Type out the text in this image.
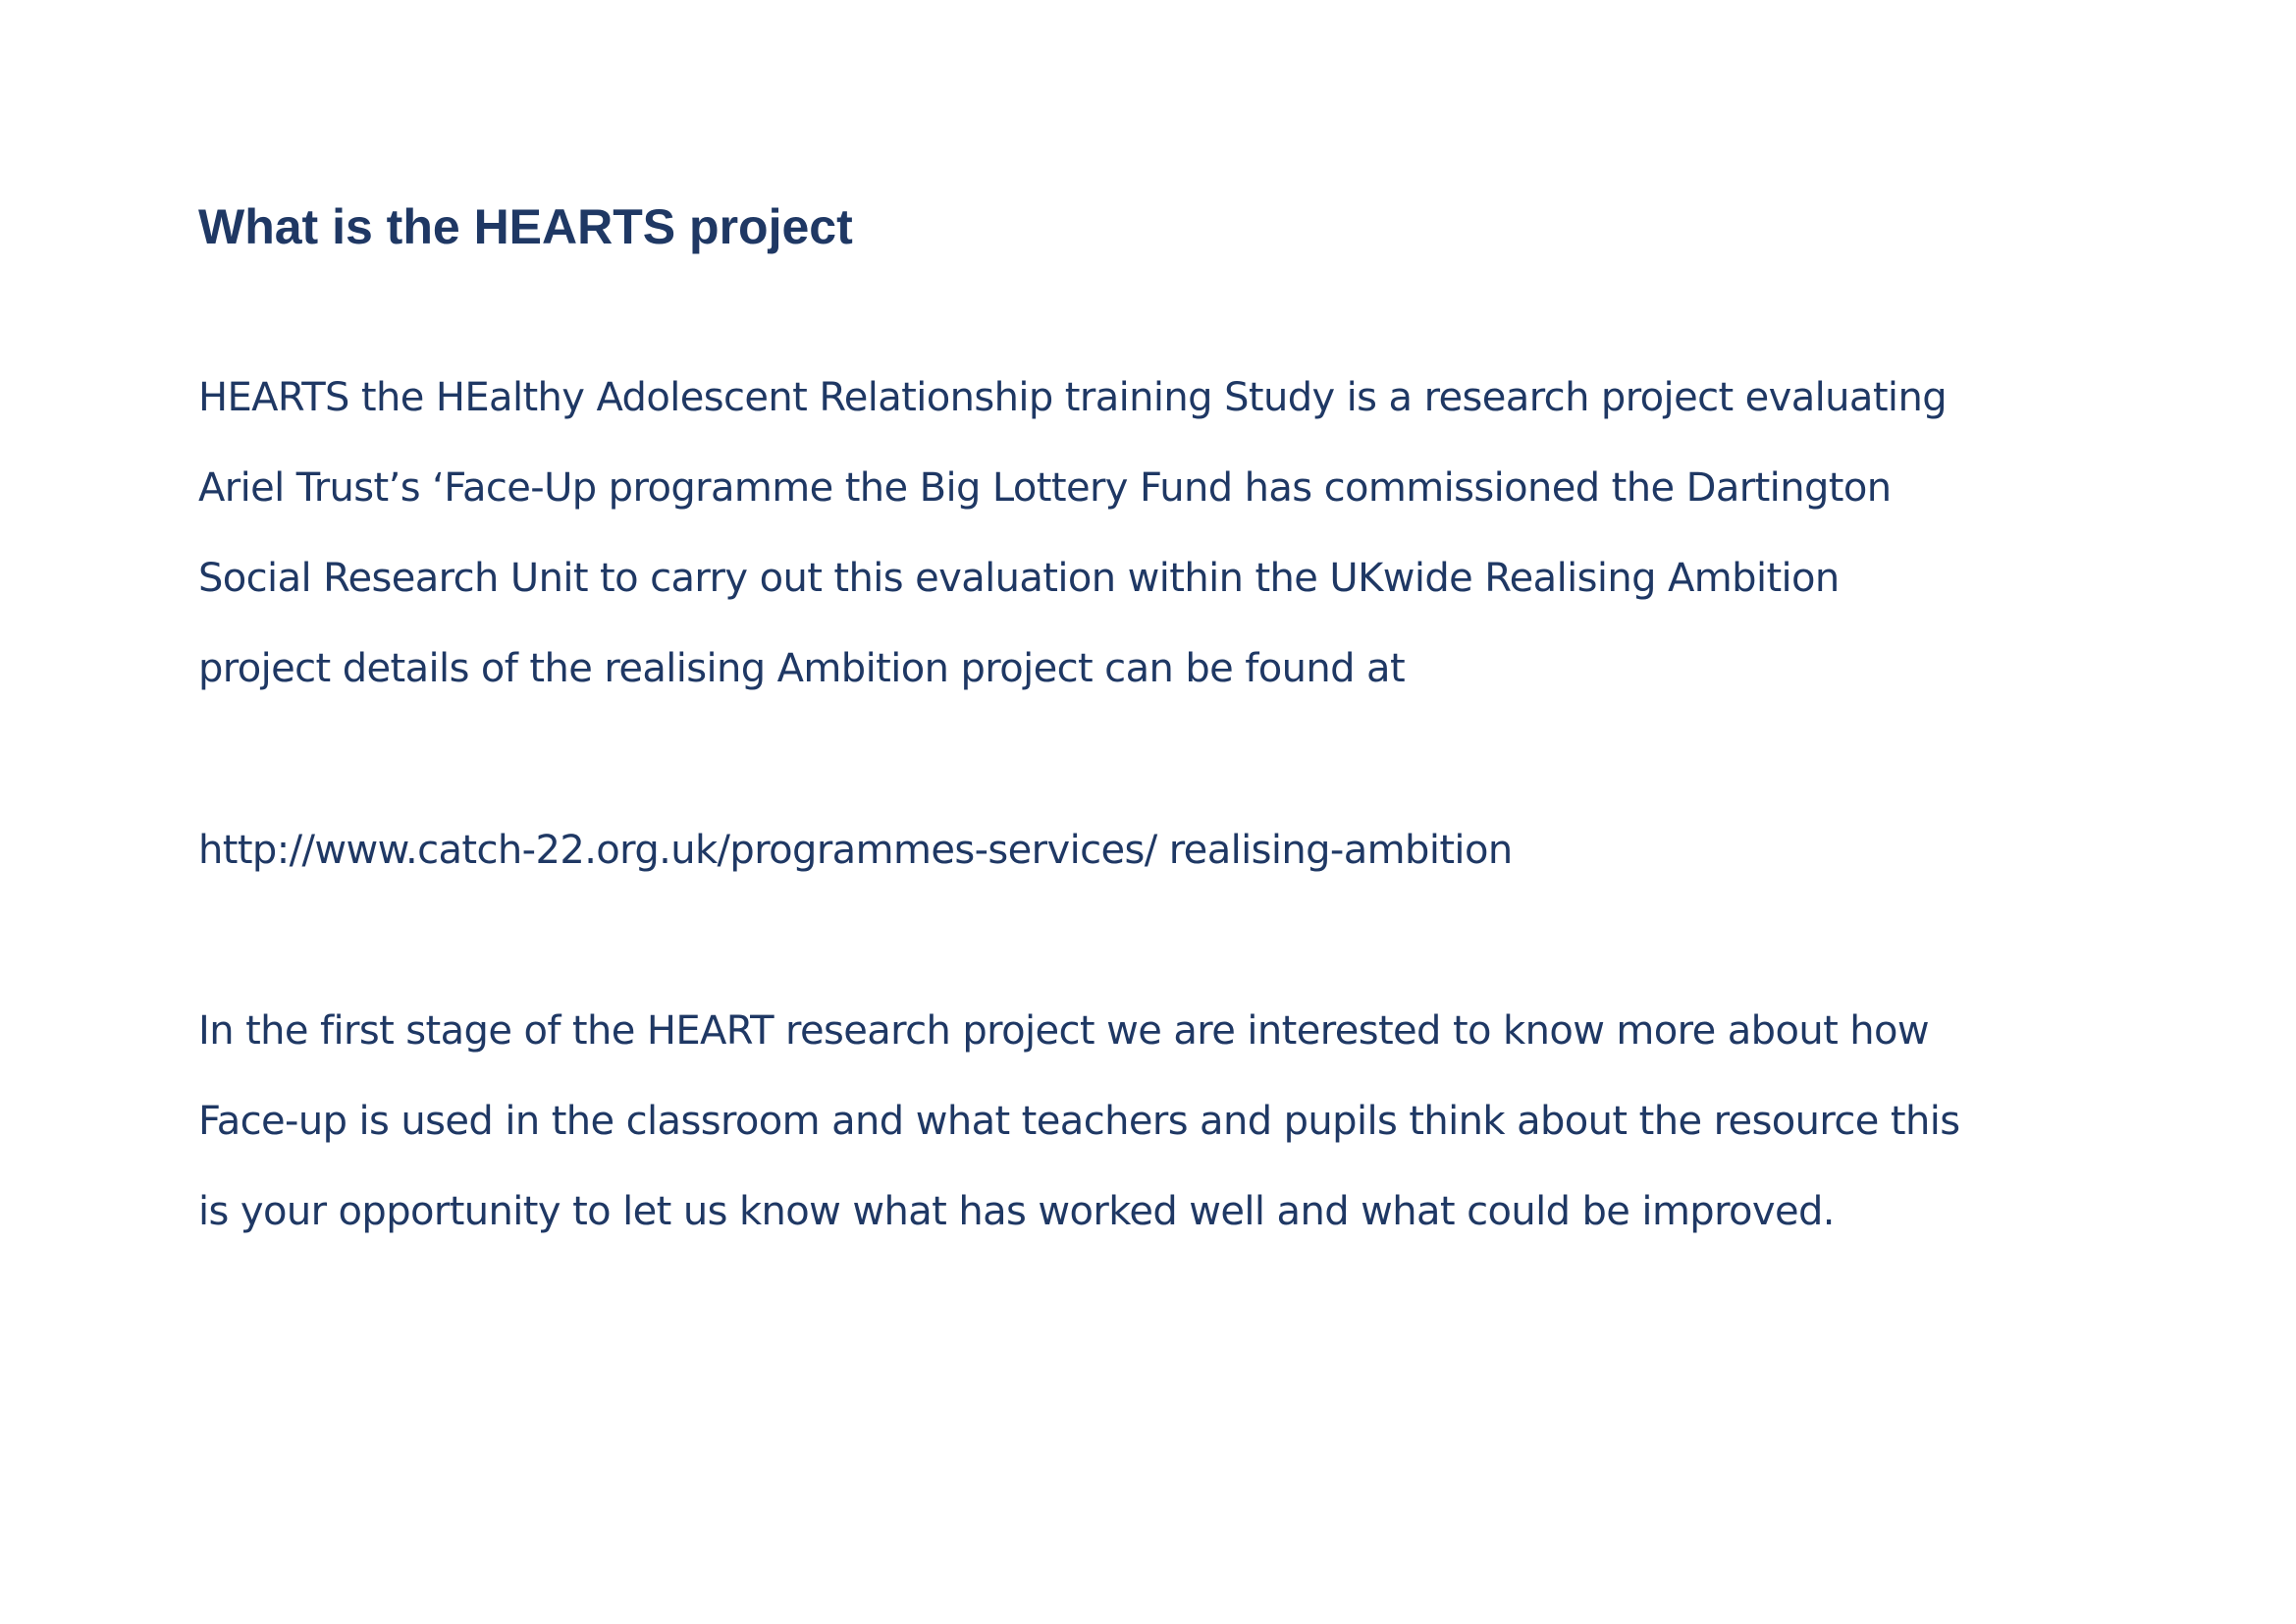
What is the HEARTS project

HEARTS the HEalthy Adolescent Relationship training Study is a research project evaluating

Ariel Trust’s ‘Face-Up programme the Big Lottery Fund has commissioned the Dartington

Social Research Unit to carry out this evaluation within the UKwide Realising Ambition

project details of the realising Ambition project can be found at

http://www.catch-22.org.uk/programmes-services/ realising-ambition

In the first stage of the HEART research project we are interested to know more about how

Face-up is used in the classroom and what teachers and pupils think about the resource this

is your opportunity to let us know what has worked well and what could be improved.
